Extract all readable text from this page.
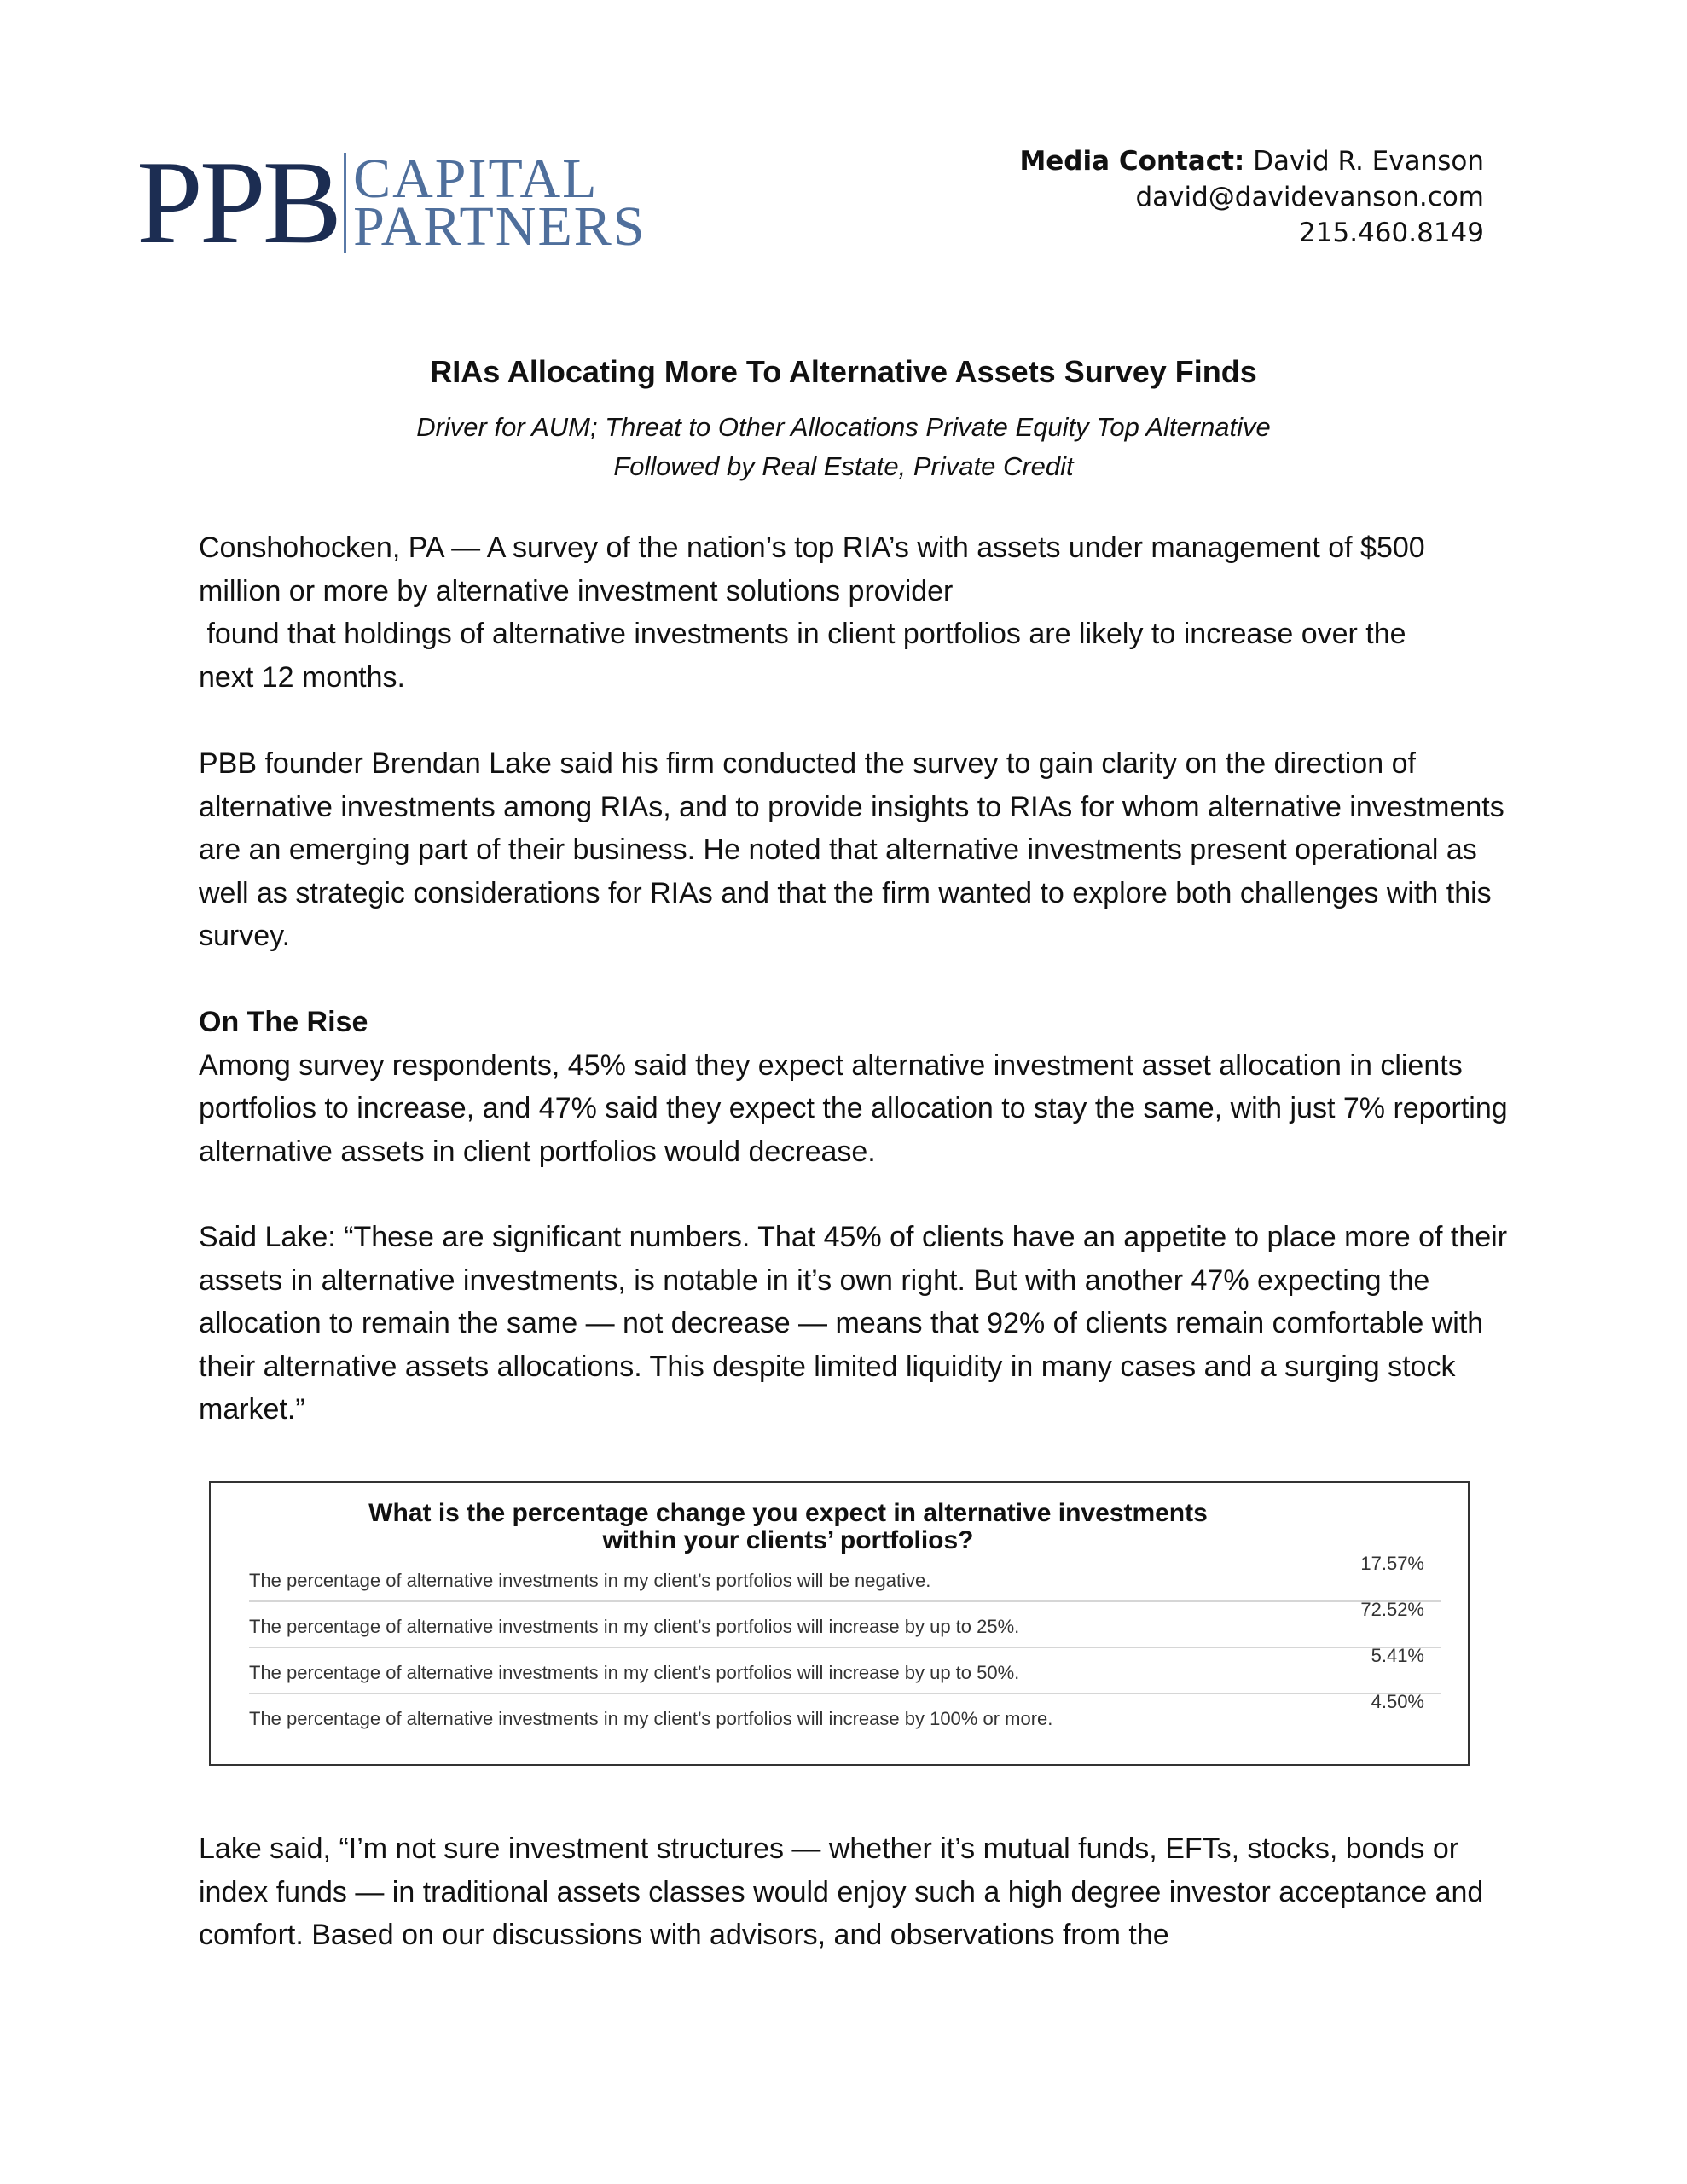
PPB CAPITAL
PARTNERS
Media Contact: David R. Evanson
david@davidevanson.com
215.460.8149
RIAs Allocating More To Alternative Assets Survey Finds
Driver for AUM; Threat to Other Allocations Private Equity Top Alternative
Followed by Real Estate, Private Credit

Conshohocken, PA — A survey of the nation’s top RIA’s with assets under management of $500

million or more by alternative investment solutions provider

found that holdings of alternative investments in client portfolios are likely to increase over the

next 12 months.

PBB founder Brendan Lake said his firm conducted the survey to gain clarity on the direction of alternative investments among RIAs, and to provide insights to RIAs for whom alternative investments are an emerging part of their business. He noted that alternative investments present operational as well as strategic considerations for RIAs and that the firm wanted to explore both challenges with this survey.

On The Rise

Among survey respondents, 45% said they expect alternative investment asset allocation in clients portfolios to increase, and 47% said they expect the allocation to stay the same, with just 7% reporting alternative assets in client portfolios would decrease.

Said Lake: “These are significant numbers. That 45% of clients have an appetite to place more of their assets in alternative investments, is notable in it’s own right. But with another 47% expecting the allocation to remain the same — not decrease — means that 92% of clients remain comfortable with their alternative assets allocations. This despite limited liquidity in many cases and a surging stock market.”

What is the percentage change you expect in alternative investments
within your clients’ portfolios?
The percentage of alternative investments in my client’s portfolios will be negative.
17.57%
The percentage of alternative investments in my client’s portfolios will increase by up to 25%.
72.52%
The percentage of alternative investments in my client’s portfolios will increase by up to 50%.
5.41%
The percentage of alternative investments in my client’s portfolios will increase by 100% or more.
4.50%

Lake said, “I’m not sure investment structures — whether it’s mutual funds, EFTs, stocks, bonds or index funds — in traditional assets classes would enjoy such a high degree investor acceptance and comfort. Based on our discussions with advisors, and observations from the
